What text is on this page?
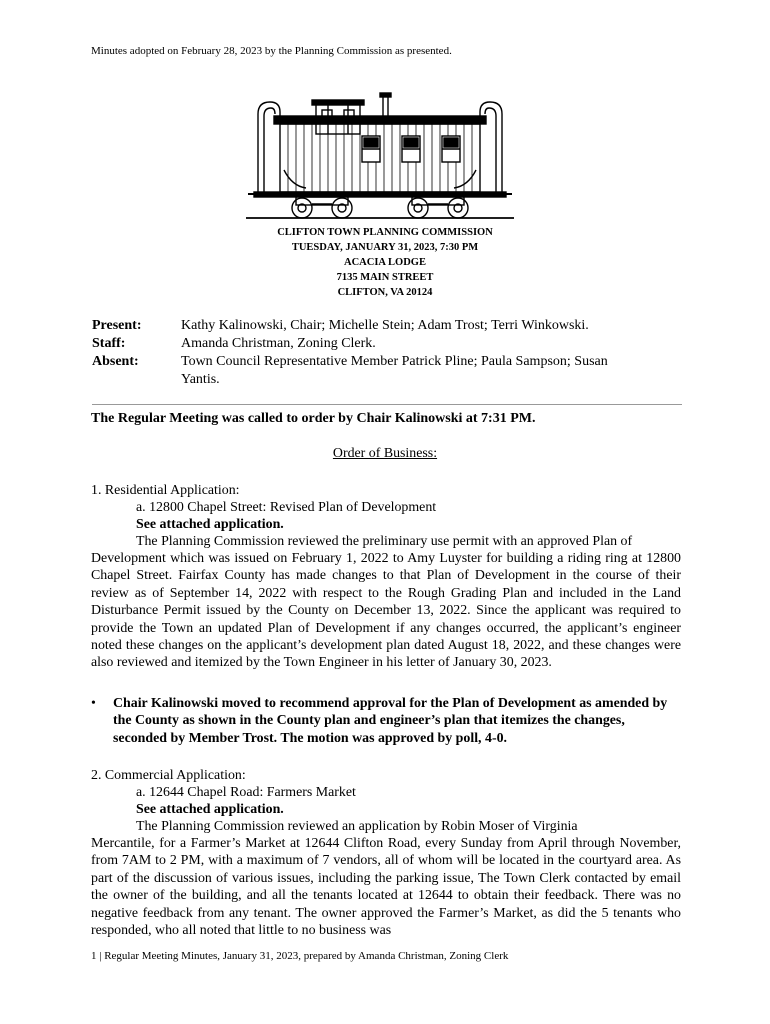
Minutes adopted on February 28, 2023 by the Planning Commission as presented.
CLIFTON TOWN PLANNING COMMISSION
TUESDAY, JANUARY 31, 2023, 7:30 PM
ACACIA LODGE
7135 MAIN STREET
CLIFTON, VA 20124
Present:	Kathy Kalinowski, Chair; Michelle Stein; Adam Trost; Terri Winkowski.
Staff:	Amanda Christman, Zoning Clerk.
Absent:	Town Council Representative Member Patrick Pline; Paula Sampson; Susan
Yantis.
The Regular Meeting was called to order by Chair Kalinowski at 7:31 PM.
Order of Business:
1. Residential Application:
a. 12800 Chapel Street: Revised Plan of Development
See attached application.
The Planning Commission reviewed the preliminary use permit with an approved Plan of
Development which was issued on February 1, 2022 to Amy Luyster for building a riding ring at 12800 Chapel Street. Fairfax County has made changes to that Plan of Development in the course of their review as of September 14, 2022 with respect to the Rough Grading Plan and included in the Land Disturbance Permit issued by the County on December 13, 2022. Since the applicant was required to provide the Town an updated Plan of Development if any changes occurred, the applicant’s engineer noted these changes on the applicant’s development plan dated August 18, 2022, and these changes were also reviewed and itemized by the Town Engineer in his letter of January 30, 2023.
• Chair Kalinowski moved to recommend approval for the Plan of Development as amended by the County as shown in the County plan and engineer’s plan that itemizes the changes, seconded by Member Trost. The motion was approved by poll, 4-0.
2. Commercial Application:
a. 12644 Chapel Road: Farmers Market
See attached application.
The Planning Commission reviewed an application by Robin Moser of Virginia
Mercantile, for a Farmer’s Market at 12644 Clifton Road, every Sunday from April through November, from 7AM to 2 PM, with a maximum of 7 vendors, all of whom will be located in the courtyard area. As part of the discussion of various issues, including the parking issue, The Town Clerk contacted by email the owner of the building, and all the tenants located at 12644 to obtain their feedback. There was no negative feedback from any tenant. The owner approved the Farmer’s Market, as did the 5 tenants who responded, who all noted that little to no business was
1 | Regular Meeting Minutes, January 31, 2023, prepared by Amanda Christman, Zoning Clerk
